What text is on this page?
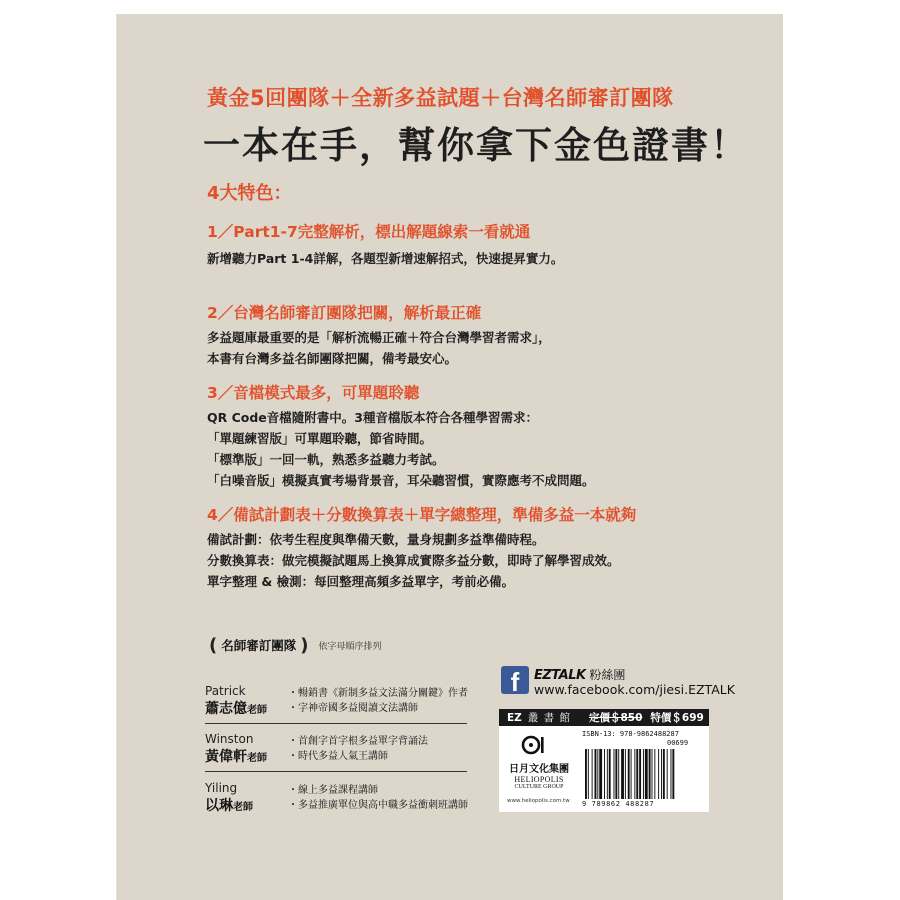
黃金5回團隊＋全新多益試題＋台灣名師審訂團隊
一本在手，幫你拿下金色證書！
4大特色：
1／Part1-7完整解析，標出解題線索一看就通
新增聽力Part 1-4詳解，各題型新增速解招式，快速提昇實力。
2／台灣名師審訂團隊把關，解析最正確
多益題庫最重要的是「解析流暢正確＋符合台灣學習者需求」，
本書有台灣多益名師團隊把關，備考最安心。
3／音檔模式最多，可單題聆聽
QR Code音檔隨附書中。3種音檔版本符合各種學習需求：
「單題練習版」可單題聆聽，節省時間。
「標準版」一回一軌，熟悉多益聽力考試。
「白噪音版」模擬真實考場背景音，耳朵聽習慣，實際應考不成問題。
4／備試計劃表＋分數換算表＋單字總整理，準備多益一本就夠
備試計劃：依考生程度與準備天數，量身規劃多益準備時程。
分數換算表：做完模擬試題馬上換算成實際多益分數，即時了解學習成效。
單字整理 & 檢測：每回整理高頻多益單字，考前必備。
( 名師審訂團隊 ) 依字母順序排列
Patrick
蕭志億老師
・暢銷書《新制多益文法滿分關鍵》作者
・字神帝國多益閱讀文法講師
Winston
黃偉軒老師
・首創字首字根多益單字背誦法
・時代多益人氣王講師
Yiling
以琳老師
・線上多益課程講師
・多益推廣單位與高中職多益衝刺班講師
f	EZTALK 粉絲團
www.facebook.com/jiesi.EZTALK
EZ 叢 書 館 定價＄850 特價＄699
日月文化集團
HELIOPOLIS
CULTURE GROUP
www.heliopolis.com.tw
ISBN-13: 978-9862488287
00699
9 789862 488287
